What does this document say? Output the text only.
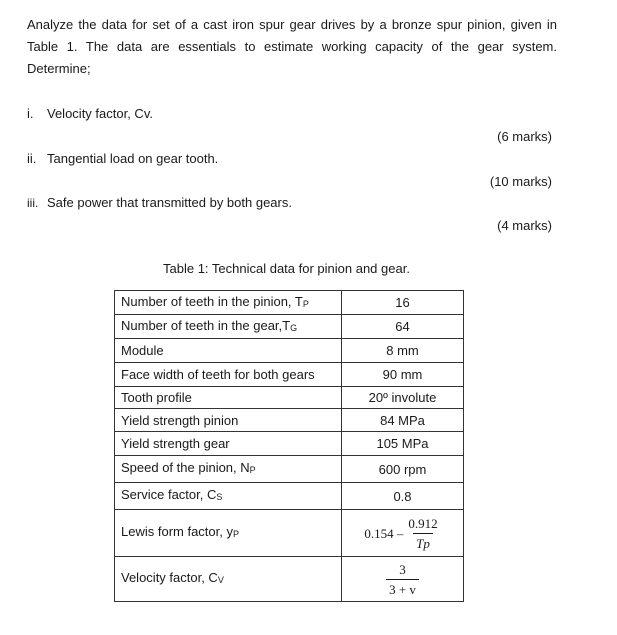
Analyze the data for set of a cast iron spur gear drives by a bronze spur pinion, given in Table 1. The data are essentials to estimate working capacity of the gear system. Determine;

i. Velocity factor, Cv.
(6 marks)
ii. Tangential load on gear tooth.
(10 marks)
iii. Safe power that transmitted by both gears.
(4 marks)

Table 1: Technical data for pinion and gear.

Number of teeth in the pinion, TP	16
Number of teeth in the gear,TG	64
Module	8 mm
Face width of teeth for both gears	90 mm
Tooth profile	20º involute
Yield strength pinion	84 MPa
Yield strength gear	105 MPa
Speed of the pinion, NP	600 rpm
Service factor, CS	0.8
Lewis form factor, yP	$0.154 - \frac{0.912}{Tp}$

Velocity factor, CV	$\frac{3}{3 + v}$
